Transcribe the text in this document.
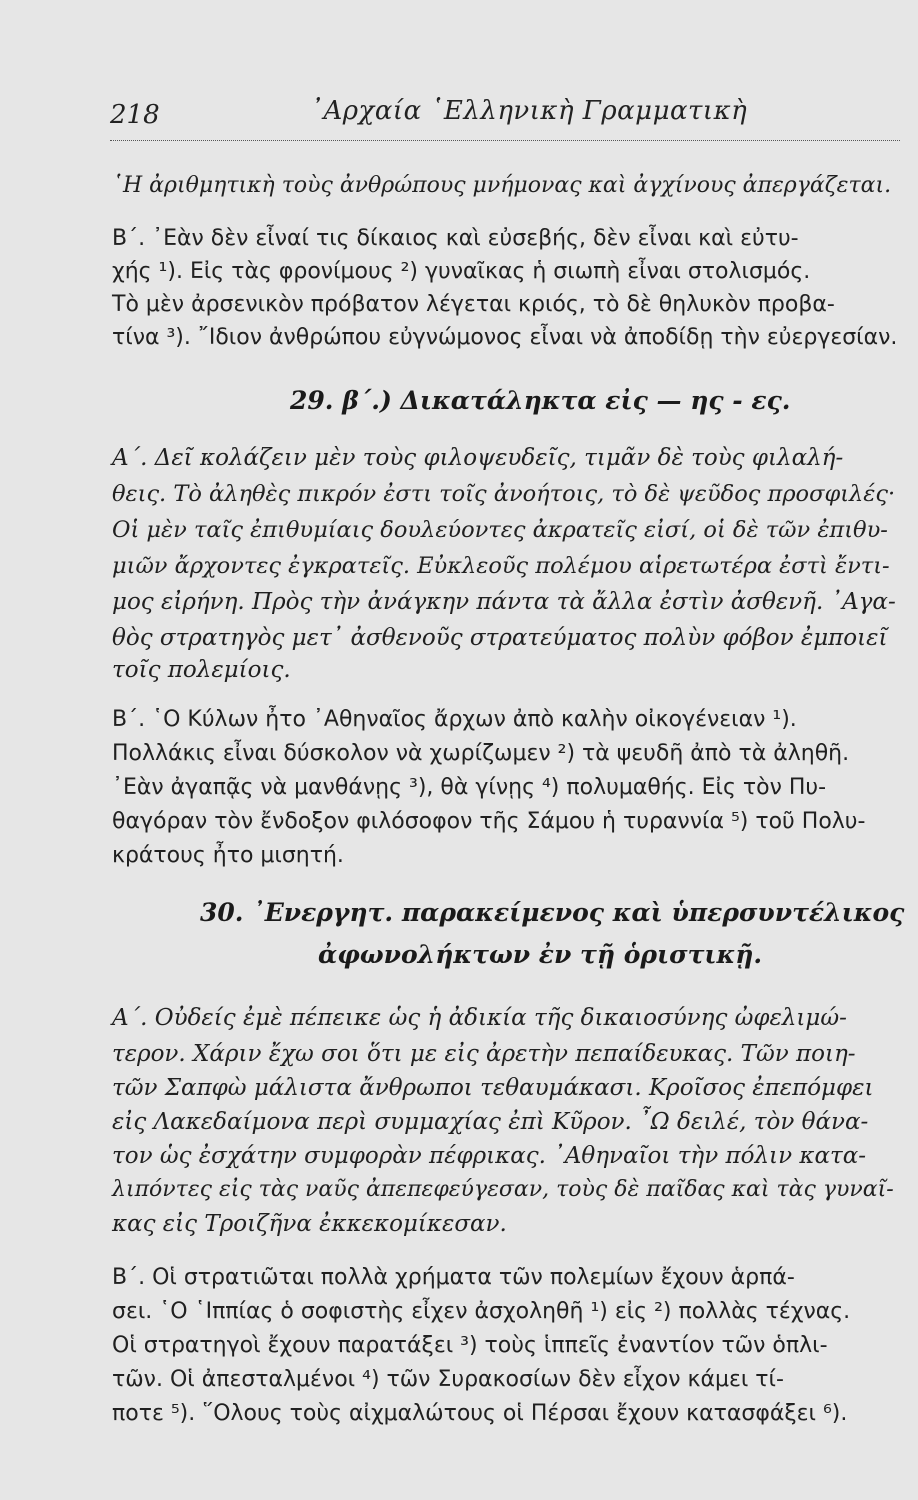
218	᾿Αρχαία ῾Ελληνικὴ Γραμματικὴ
῾Η ἀριθμητικὴ τοὺς ἀνθρώπους μνήμονας καὶ ἀγχίνους ἀπεργάζεται.
Β΄. ᾿Εὰν δὲν εἶναί τις δίκαιος καὶ εὐσεβής, δὲν εἶναι καὶ εὐτυ-
χής ¹). Εἰς τὰς φρονίμους ²) γυναῖκας ἡ σιωπὴ εἶναι στολισμός.
Τὸ μὲν ἀρσενικὸν πρόβατον λέγεται κριός, τὸ δὲ θηλυκὸν προβα-
τίνα ³). ῎Ιδιον ἀνθρώπου εὐγνώμονος εἶναι νὰ ἀποδίδῃ τὴν εὐεργεσίαν.
29. β΄.) Δικατάληκτα εἰς — ης - ες.
Α΄. Δεῖ κολάζειν μὲν τοὺς φιλοψευδεῖς, τιμᾶν δὲ τοὺς φιλαλή-
θεις. Τὸ ἀληθὲς πικρόν ἐστι τοῖς ἀνοήτοις, τὸ δὲ ψεῦδος προσφιλές·
Οἱ μὲν ταῖς ἐπιθυμίαις δουλεύοντες ἀκρατεῖς εἰσί, οἱ δὲ τῶν ἐπιθυ-
μιῶν ἄρχοντες ἐγκρατεῖς. Εὐκλεοῦς πολέμου αἱρετωτέρα ἐστὶ ἔντι-
μος εἰρήνη. Πρὸς τὴν ἀνάγκην πάντα τὰ ἄλλα ἐστὶν ἀσθενῆ. ᾿Αγα-
θὸς στρατηγὸς μετ᾿ ἀσθενοῦς στρατεύματος πολὺν φόβον ἐμποιεῖ
τοῖς πολεμίοις.
Β΄. ῾Ο Κύλων ἦτο ᾿Αθηναῖος ἄρχων ἀπὸ καλὴν οἰκογένειαν ¹).
Πολλάκις εἶναι δύσκολον νὰ χωρίζωμεν ²) τὰ ψευδῆ ἀπὸ τὰ ἀληθῆ.
᾿Εὰν ἀγαπᾷς νὰ μανθάνῃς ³), θὰ γίνῃς ⁴) πολυμαθής. Εἰς τὸν Πυ-
θαγόραν τὸν ἔνδοξον φιλόσοφον τῆς Σάμου ἡ τυραννία ⁵) τοῦ Πολυ-
κράτους ἦτο μισητή.
30. ᾿Ενεργητ. παρακείμενος καὶ ὑπερσυντέλικος
ἀφωνολήκτων ἐν τῇ ὁριστικῇ.
Α΄. Οὐδείς ἐμὲ πέπεικε ὡς ἡ ἀδικία τῆς δικαιοσύνης ὠφελιμώ-
τερον. Χάριν ἔχω σοι ὅτι με εἰς ἀρετὴν πεπαίδευκας. Τῶν ποιη-
τῶν Σαπφὼ μάλιστα ἄνθρωποι τεθαυμάκασι. Κροῖσος ἐπεπόμφει
εἰς Λακεδαίμονα περὶ συμμαχίας ἐπὶ Κῦρον. ῏Ω δειλέ, τὸν θάνα-
τον ὡς ἐσχάτην συμφορὰν πέφρικας. ᾿Αθηναῖοι τὴν πόλιν κατα-
λιπόντες εἰς τὰς ναῦς ἀπεπεφεύγεσαν, τοὺς δὲ παῖδας καὶ τὰς γυναῖ-
κας εἰς Τροιζῆνα ἐκκεκομίκεσαν.
Β΄. Οἱ στρατιῶται πολλὰ χρήματα τῶν πολεμίων ἔχουν ἁρπά-
σει. ῾Ο ῾Ιππίας ὁ σοφιστὴς εἶχεν ἀσχοληθῆ ¹) εἰς ²) πολλὰς τέχνας.
Οἱ στρατηγοὶ ἔχουν παρατάξει ³) τοὺς ἱππεῖς ἐναντίον τῶν ὁπλι-
τῶν. Οἱ ἀπεσταλμένοι ⁴) τῶν Συρακοσίων δὲν εἶχον κάμει τί-
ποτε ⁵). ῞Ολους τοὺς αἰχμαλώτους οἱ Πέρσαι ἔχουν κατασφάξει ⁶).
